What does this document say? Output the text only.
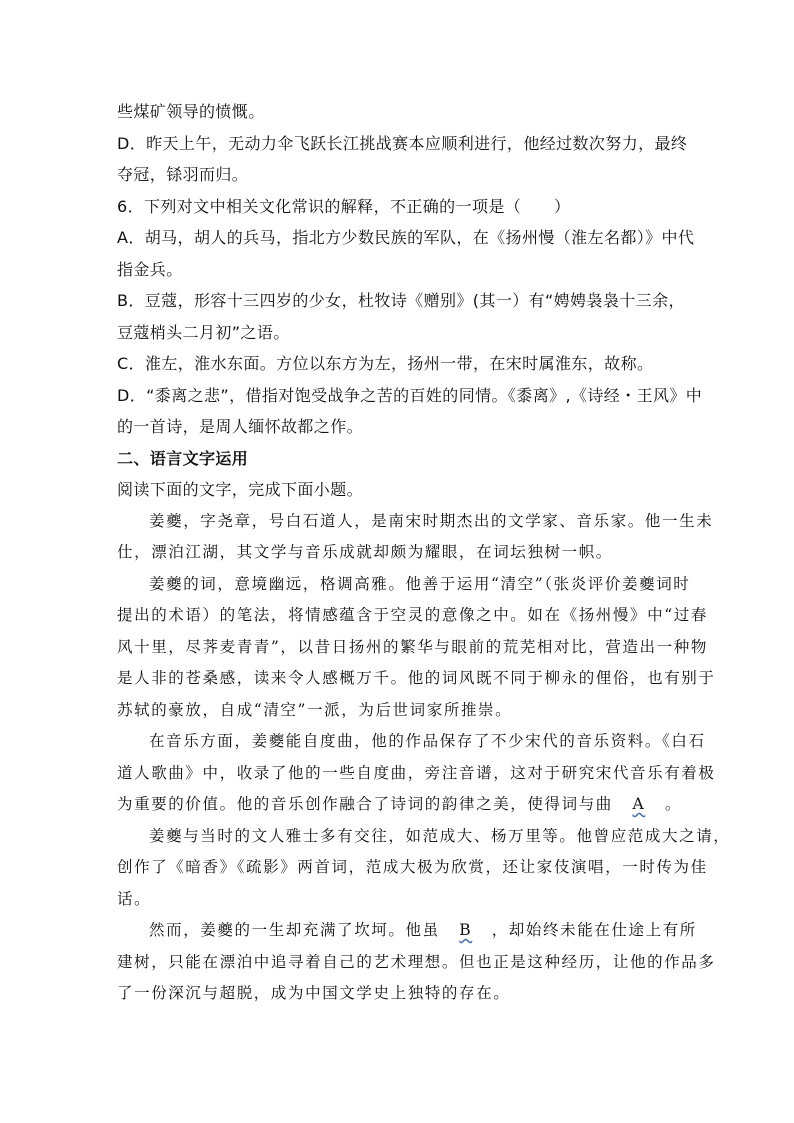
些煤矿领导的愤慨。
D．昨天上午，无动力伞飞跃长江挑战赛本应顺利进行，他经过数次努力，最终
夺冠，铩羽而归。
6．下列对文中相关文化常识的解释，不正确的一项是（　　）
A．胡马，胡人的兵马，指北方少数民族的军队，在《扬州慢（淮左名都）》中代
指金兵。
B．豆蔻，形容十三四岁的少女，杜牧诗《赠别》(其一）有“娉娉袅袅十三余，
豆蔻梢头二月初”之语。
C．淮左，淮水东面。方位以东方为左，扬州一带，在宋时属淮东，故称。
D．“黍离之悲”，借指对饱受战争之苦的百姓的同情。《黍离》,《诗经・王风》中
的一首诗，是周人缅怀故都之作。
二、语言文字运用
阅读下面的文字，完成下面小题。
姜夔，字尧章，号白石道人，是南宋时期杰出的文学家、音乐家。他一生未
仕，漂泊江湖，其文学与音乐成就却颇为耀眼，在词坛独树一帜。
姜夔的词，意境幽远，格调高雅。他善于运用“清空”（张炎评价姜夔词时
提出的术语）的笔法，将情感蕴含于空灵的意像之中。如在《扬州慢》中“过春
风十里，尽荠麦青青”，以昔日扬州的繁华与眼前的荒芜相对比，营造出一种物
是人非的苍桑感，读来令人感概万千。他的词风既不同于柳永的俚俗，也有别于
苏轼的豪放，自成“清空”一派，为后世词家所推崇。
在音乐方面，姜夔能自度曲，他的作品保存了不少宋代的音乐资料。《白石
道人歌曲》中，收录了他的一些自度曲，旁注音谱，这对于研究宋代音乐有着极
为重要的价值。他的音乐创作融合了诗词的韵律之美，使得词与曲 A 。
姜夔与当时的文人雅士多有交往，如范成大、杨万里等。他曾应范成大之请，
创作了《暗香》《疏影》两首词，范成大极为欣赏，还让家伎演唱，一时传为佳
话。
然而，姜夔的一生却充满了坎坷。他虽 B ，却始终未能在仕途上有所
建树，只能在漂泊中追寻着自己的艺术理想。但也正是这种经历，让他的作品多
了一份深沉与超脱，成为中国文学史上独特的存在。
